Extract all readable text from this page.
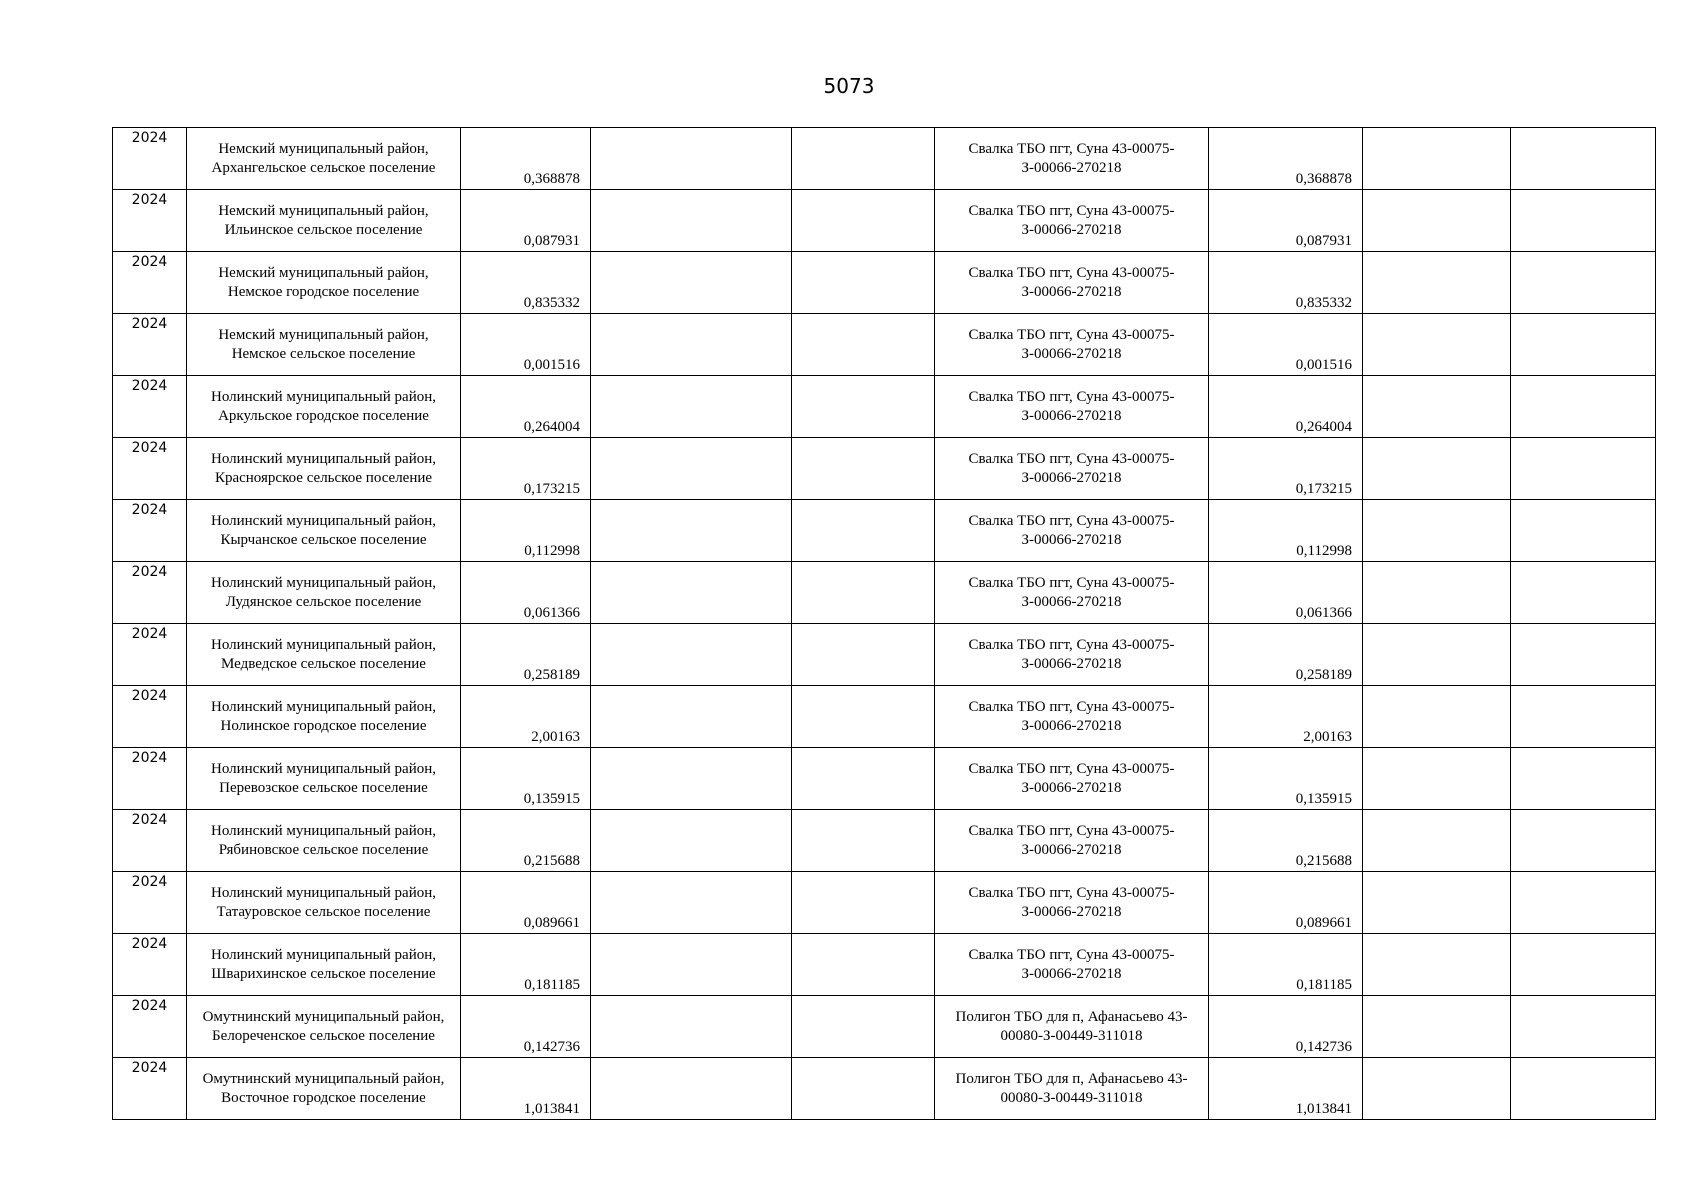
5073
2024	Немский муниципальный район, Архангельское сельское поселение	0,368878			Свалка ТБО пгт, Суна 43-00075-З-00066-270218	0,368878		

2024	Немский муниципальный район, Ильинское сельское поселение	0,087931			Свалка ТБО пгт, Суна 43-00075-З-00066-270218	0,087931		

2024	Немский муниципальный район, Немское городское поселение	0,835332			Свалка ТБО пгт, Суна 43-00075-З-00066-270218	0,835332		

2024	Немский муниципальный район, Немское сельское поселение	0,001516			Свалка ТБО пгт, Суна 43-00075-З-00066-270218	0,001516		

2024	Нолинский муниципальный район, Аркульское городское поселение	0,264004			Свалка ТБО пгт, Суна 43-00075-З-00066-270218	0,264004		

2024	Нолинский муниципальный район, Красноярское сельское поселение	0,173215			Свалка ТБО пгт, Суна 43-00075-З-00066-270218	0,173215		

2024	Нолинский муниципальный район, Кырчанское сельское поселение	0,112998			Свалка ТБО пгт, Суна 43-00075-З-00066-270218	0,112998		

2024	Нолинский муниципальный район, Лудянское сельское поселение	0,061366			Свалка ТБО пгт, Суна 43-00075-З-00066-270218	0,061366		

2024	Нолинский муниципальный район, Медведское сельское поселение	0,258189			Свалка ТБО пгт, Суна 43-00075-З-00066-270218	0,258189		

2024	Нолинский муниципальный район, Нолинское городское поселение	2,00163			Свалка ТБО пгт, Суна 43-00075-З-00066-270218	2,00163		

2024	Нолинский муниципальный район, Перевозское сельское поселение	0,135915			Свалка ТБО пгт, Суна 43-00075-З-00066-270218	0,135915		

2024	Нолинский муниципальный район, Рябиновское сельское поселение	0,215688			Свалка ТБО пгт, Суна 43-00075-З-00066-270218	0,215688		

2024	Нолинский муниципальный район, Татауровское сельское поселение	0,089661			Свалка ТБО пгт, Суна 43-00075-З-00066-270218	0,089661		

2024	Нолинский муниципальный район, Шварихинское сельское поселение	0,181185			Свалка ТБО пгт, Суна 43-00075-З-00066-270218	0,181185		

2024	Омутнинский муниципальный район, Белореченское сельское поселение	0,142736			Полигон ТБО для п, Афанасьево 43-00080-З-00449-311018	0,142736		

2024	Омутнинский муниципальный район, Восточное городское поселение	1,013841			Полигон ТБО для п, Афанасьево 43-00080-З-00449-311018	1,013841		
